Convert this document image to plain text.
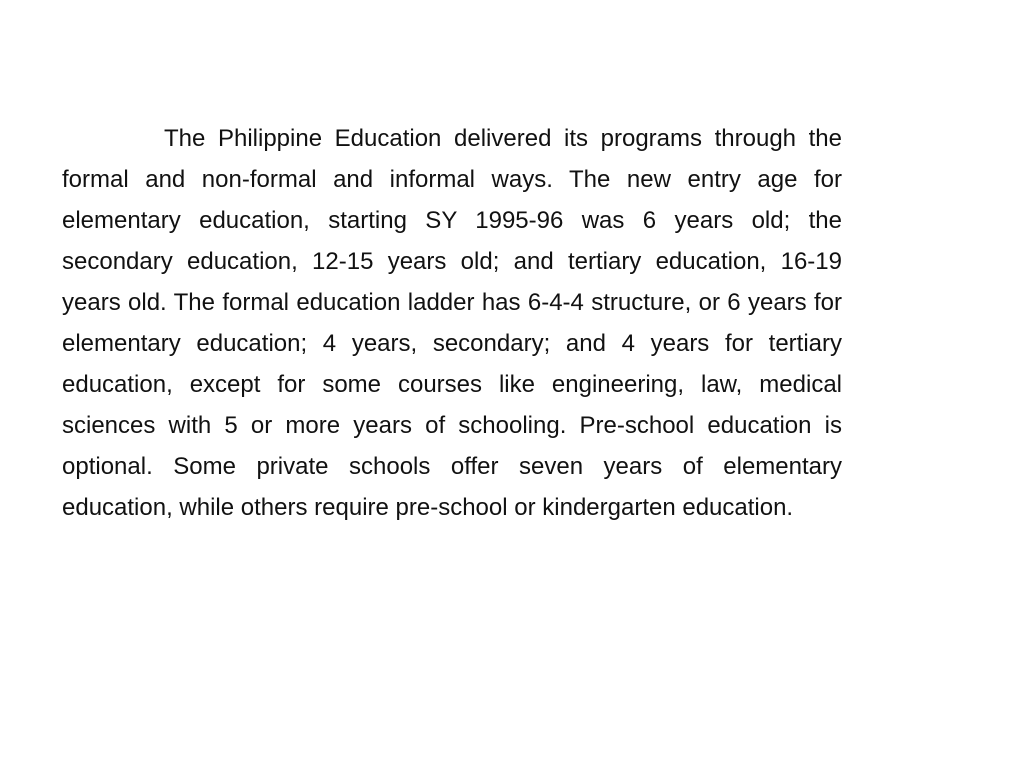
The Philippine Education delivered its programs through the formal and non-formal and informal ways. The new entry age for elementary education, starting SY 1995-96 was 6 years old; the secondary education, 12-15 years old; and tertiary education, 16-19 years old. The formal education ladder has 6-4-4 structure, or 6 years for elementary education; 4 years, secondary; and 4 years for tertiary education, except for some courses like engineering, law, medical sciences with 5 or more years of schooling. Pre-school education is optional. Some private schools offer seven years of elementary education, while others require pre-school or kindergarten education.
